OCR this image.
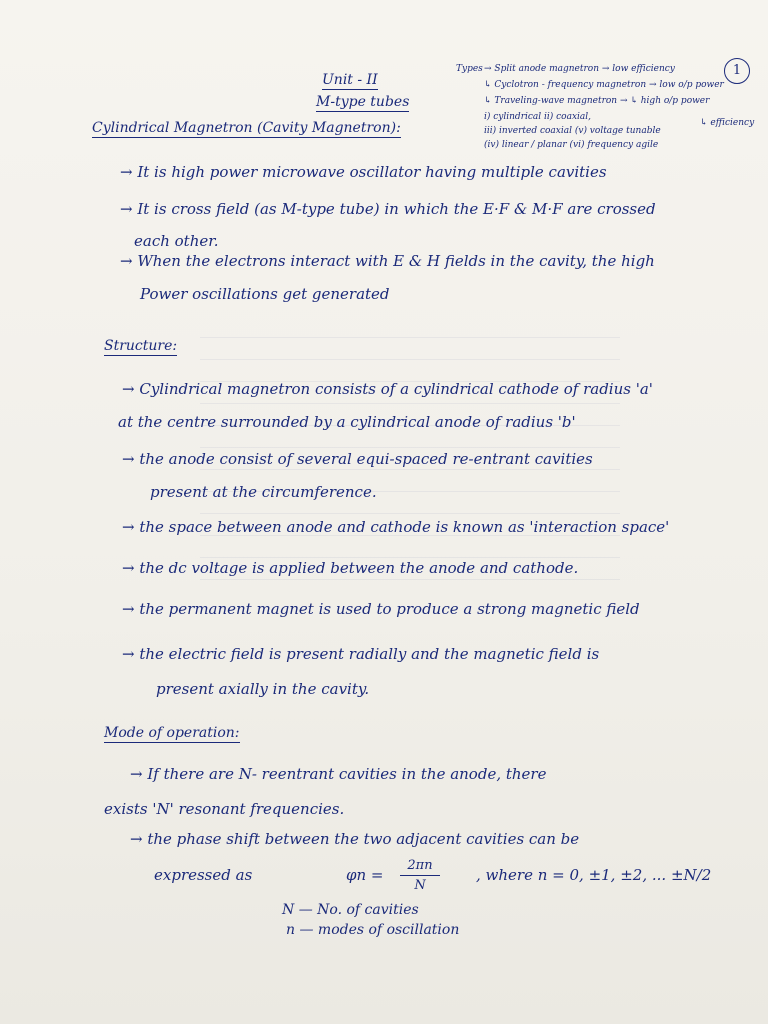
Unit - II
M-type tubes
1
Types → Split anode magnetron → low efficiency
↳ Cyclotron - frequency magnetron → low o/p power
↳ Traveling-wave magnetron → ↳ high o/p power
i) cylindrical ii) coaxial,
iii) inverted coaxial (v) voltage tunable
(iv) linear / planar (vi) frequency agile
↳ efficiency
Cylindrical Magnetron (Cavity Magnetron):
→ It is high power microwave oscillator having multiple cavities
→ It is cross field (as M-type tube) in which the E·F & M·F are crossed
each other.
→ When the electrons interact with E & H fields in the cavity, the high
Power oscillations get generated
Structure:
→ Cylindrical magnetron consists of a cylindrical cathode of radius 'a'
at the centre surrounded by a cylindrical anode of radius 'b'
→ the anode consist of several equi-spaced re-entrant cavities
present at the circumference.
→ the space between anode and cathode is known as 'interaction space'
→ the dc voltage is applied between the anode and cathode.
→ the permanent magnet is used to produce a strong magnetic field
→ the electric field is present radially and the magnetic field is
present axially in the cavity.
Mode of operation:
→ If there are N- reentrant cavities in the anode, there
exists 'N' resonant frequencies.
→ the phase shift between the two adjacent cavities can be
expressed as	$\varphi n = \frac{2\pi n}{N}$ , where n = 0, ±1, ±2, ... ±N/2
N — No. of cavities
n — modes of oscillation
